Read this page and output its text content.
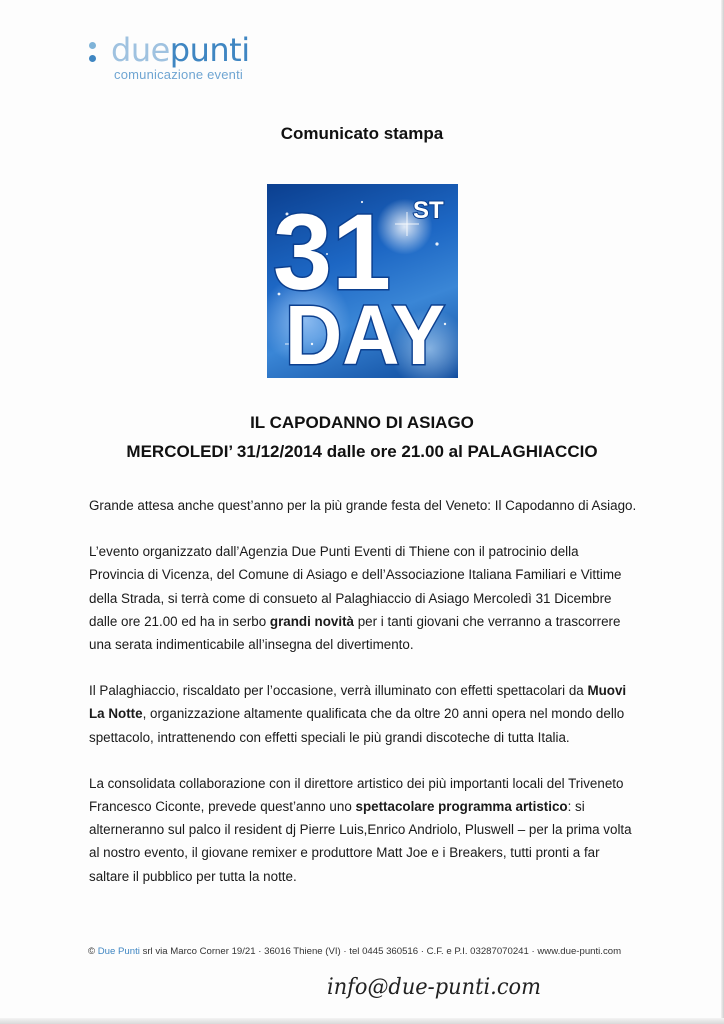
duepunti
comunicazione eventi
Comunicato stampa
31 ST
DAY
IL CAPODANNO DI ASIAGO
MERCOLEDI’ 31/12/2014 dalle ore 21.00 al PALAGHIACCIO

Grande attesa anche quest’anno per la più grande festa del Veneto: Il Capodanno di Asiago.

L’evento organizzato dall’Agenzia Due Punti Eventi di Thiene con il patrocinio della Provincia di Vicenza, del Comune di Asiago e dell’Associazione Italiana Familiari e Vittime della Strada, si terrà come di consueto al Palaghiaccio di Asiago Mercoledì 31 Dicembre dalle ore 21.00 ed ha in serbo grandi novità per i tanti giovani che verranno a trascorrere una serata indimenticabile all’insegna del divertimento.

Il Palaghiaccio, riscaldato per l’occasione, verrà illuminato con effetti spettacolari da Muovi La Notte, organizzazione altamente qualificata che da oltre 20 anni opera nel mondo dello spettacolo, intrattenendo con effetti speciali le più grandi discoteche di tutta Italia.

La consolidata collaborazione con il direttore artistico dei più importanti locali del Triveneto Francesco Ciconte, prevede quest’anno uno spettacolare programma artistico: si alterneranno sul palco il resident dj Pierre Luis,Enrico Andriolo, Pluswell – per la prima volta al nostro evento, il giovane remixer e produttore Matt Joe e i Breakers, tutti pronti a far saltare il pubblico per tutta la notte.

© Due Punti srl via Marco Corner 19/21 · 36016 Thiene (VI) · tel 0445 360516 · C.F. e P.I. 03287070241 · www.due-punti.com
info@due-punti.com
